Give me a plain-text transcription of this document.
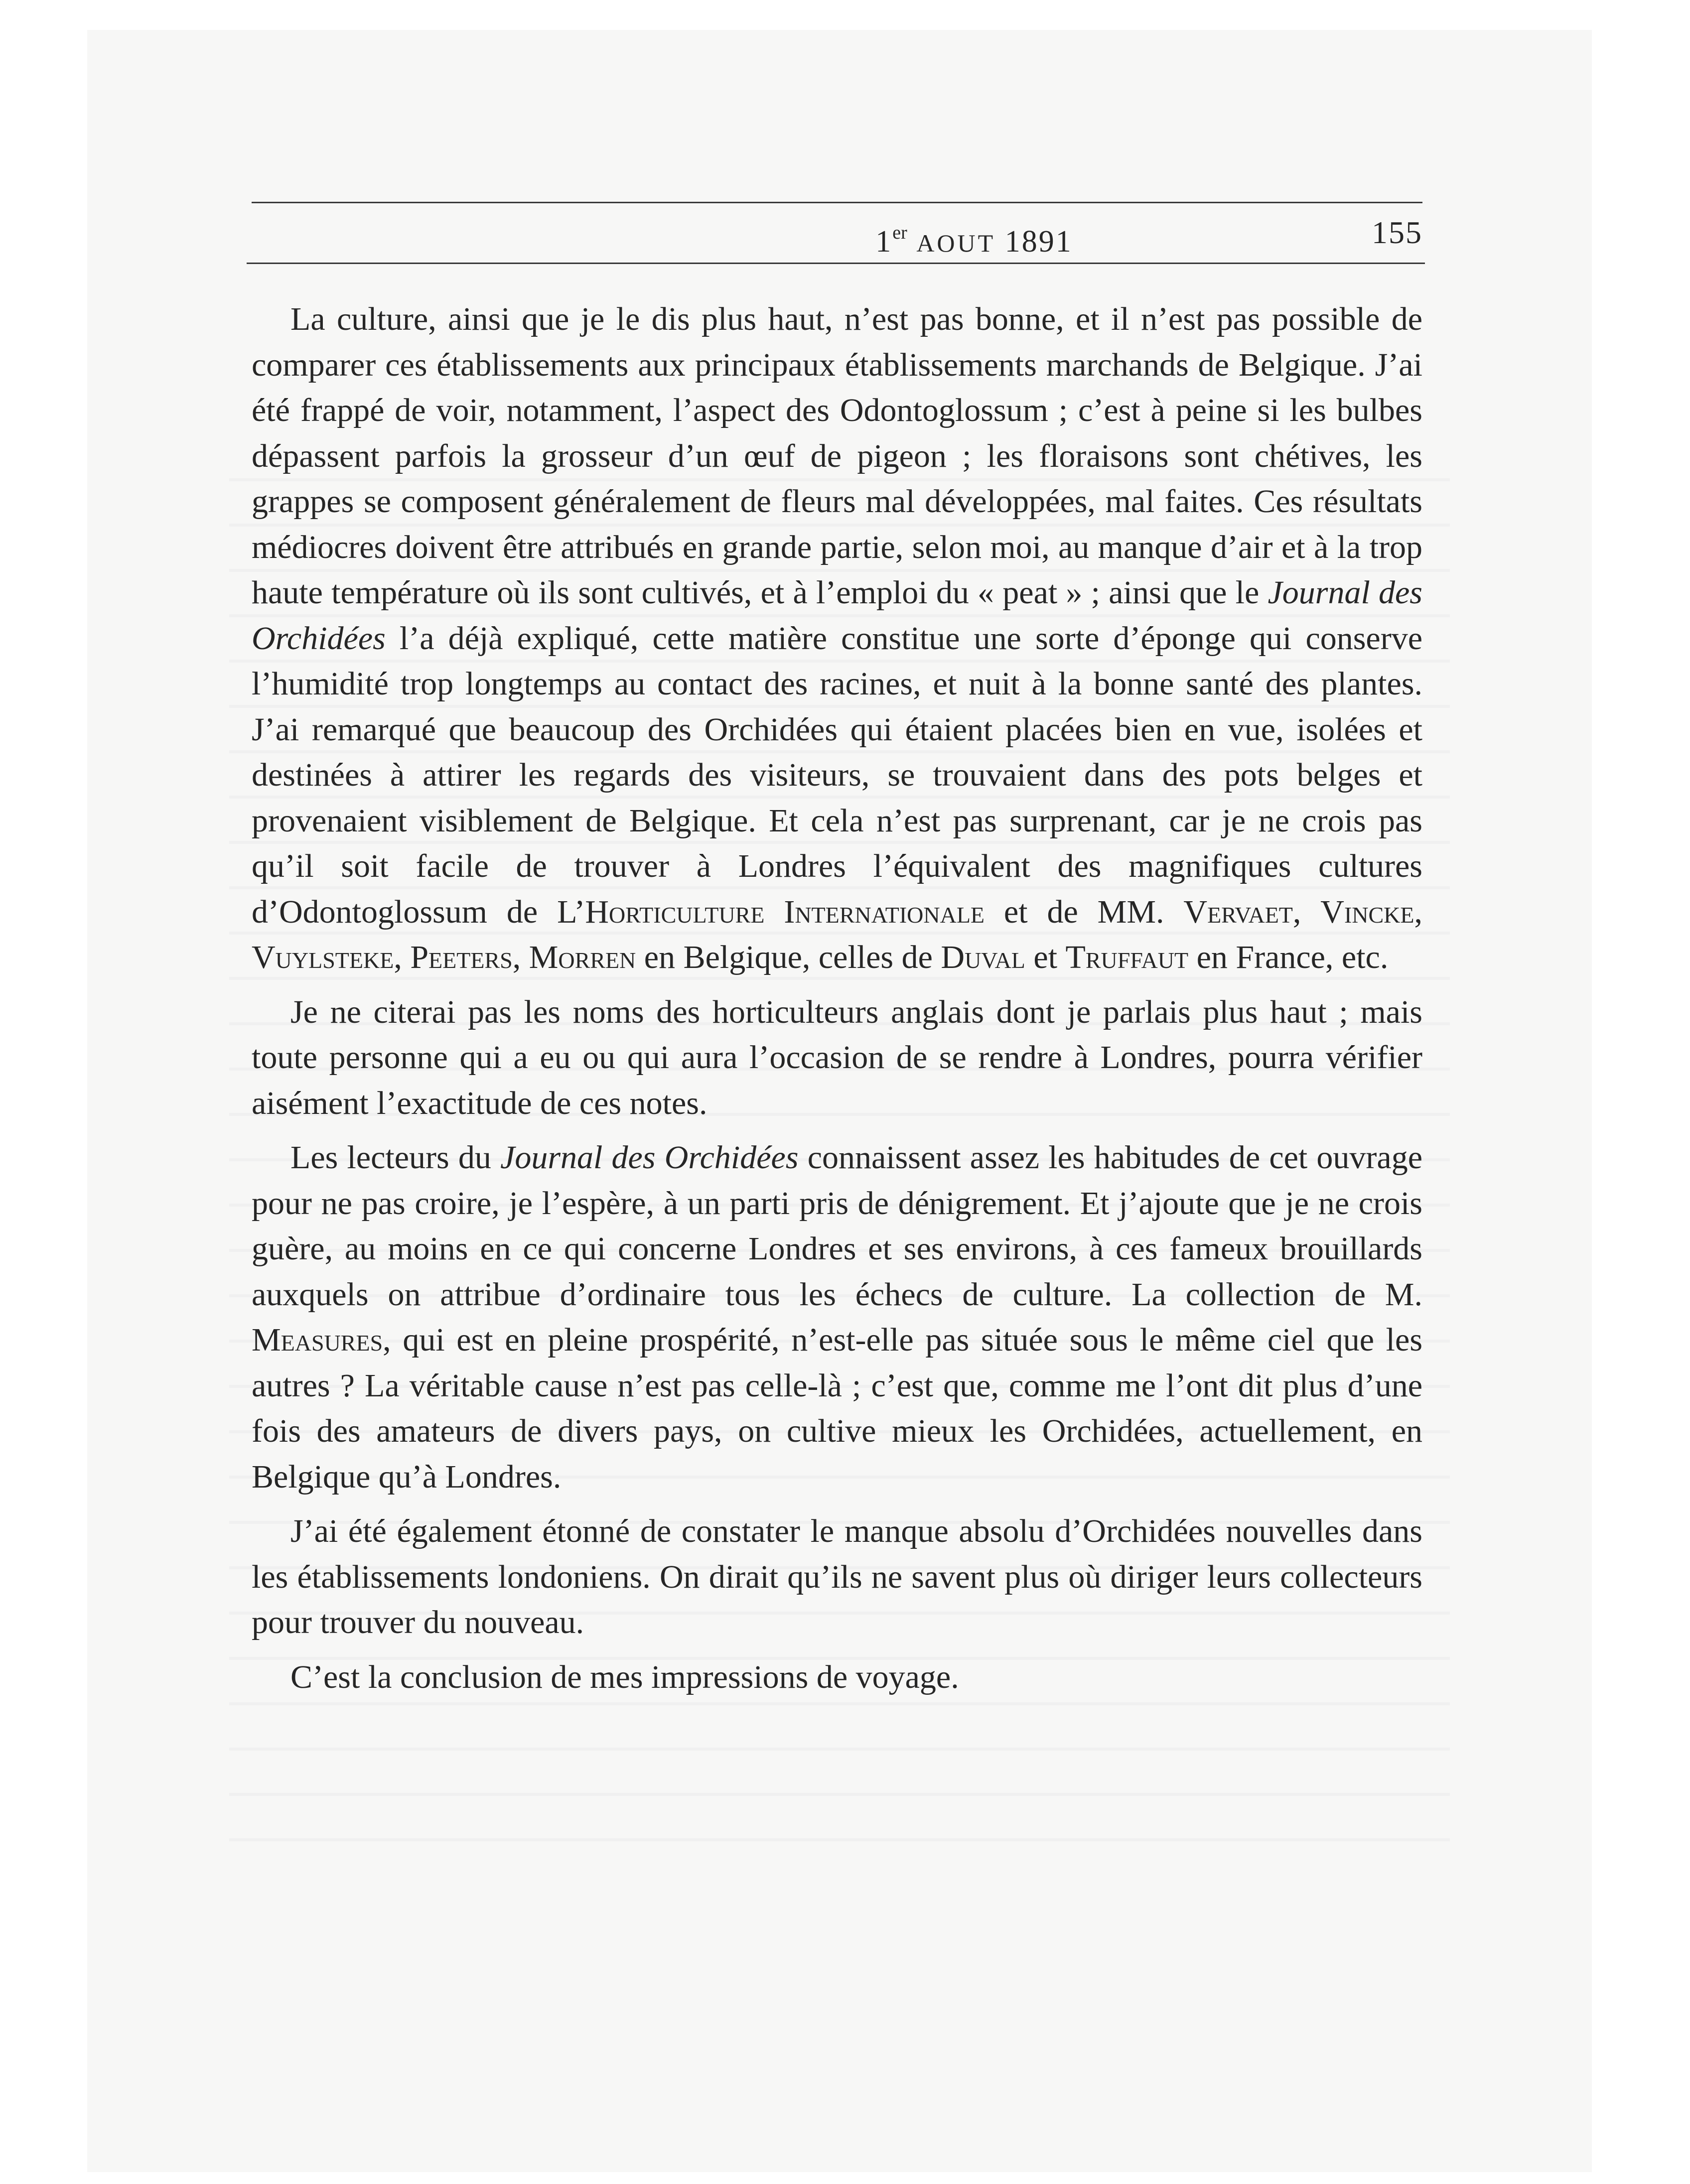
1er AOUT 1891	155

La culture, ainsi que je le dis plus haut, n’est pas bonne, et il n’est pas possible de comparer ces établissements aux principaux établissements marchands de Belgique. J’ai été frappé de voir, notamment, l’aspect des Odontoglossum ; c’est à peine si les bulbes dépassent parfois la grosseur d’un œuf de pigeon ; les floraisons sont chétives, les grappes se composent généralement de fleurs mal développées, mal faites. Ces résultats médiocres doivent être attribués en grande partie, selon moi, au manque d’air et à la trop haute température où ils sont cultivés, et à l’emploi du « peat » ; ainsi que le Journal des Orchidées l’a déjà expliqué, cette matière constitue une sorte d’éponge qui conserve l’humidité trop longtemps au contact des racines, et nuit à la bonne santé des plantes. J’ai remarqué que beaucoup des Orchidées qui étaient placées bien en vue, isolées et destinées à attirer les regards des visiteurs, se trouvaient dans des pots belges et provenaient visiblement de Belgique. Et cela n’est pas surprenant, car je ne crois pas qu’il soit facile de trouver à Londres l’équivalent des magnifiques cultures d’Odontoglossum de L’Horticulture Internationale et de MM. Vervaet, Vincke, Vuylsteke, Peeters, Morren en Belgique, celles de Duval et Truffaut en France, etc.

Je ne citerai pas les noms des horticulteurs anglais dont je parlais plus haut ; mais toute personne qui a eu ou qui aura l’occasion de se rendre à Londres, pourra vérifier aisément l’exactitude de ces notes.

Les lecteurs du Journal des Orchidées connaissent assez les habitudes de cet ouvrage pour ne pas croire, je l’espère, à un parti pris de dénigrement. Et j’ajoute que je ne crois guère, au moins en ce qui concerne Londres et ses environs, à ces fameux brouillards auxquels on attribue d’ordinaire tous les échecs de culture. La collection de M. Measures, qui est en pleine prospérité, n’est-elle pas située sous le même ciel que les autres ? La véritable cause n’est pas celle-là ; c’est que, comme me l’ont dit plus d’une fois des amateurs de divers pays, on cultive mieux les Orchidées, actuellement, en Belgique qu’à Londres.

J’ai été également étonné de constater le manque absolu d’Orchidées nouvelles dans les établissements londoniens. On dirait qu’ils ne savent plus où diriger leurs collecteurs pour trouver du nouveau.

C’est la conclusion de mes impressions de voyage.
